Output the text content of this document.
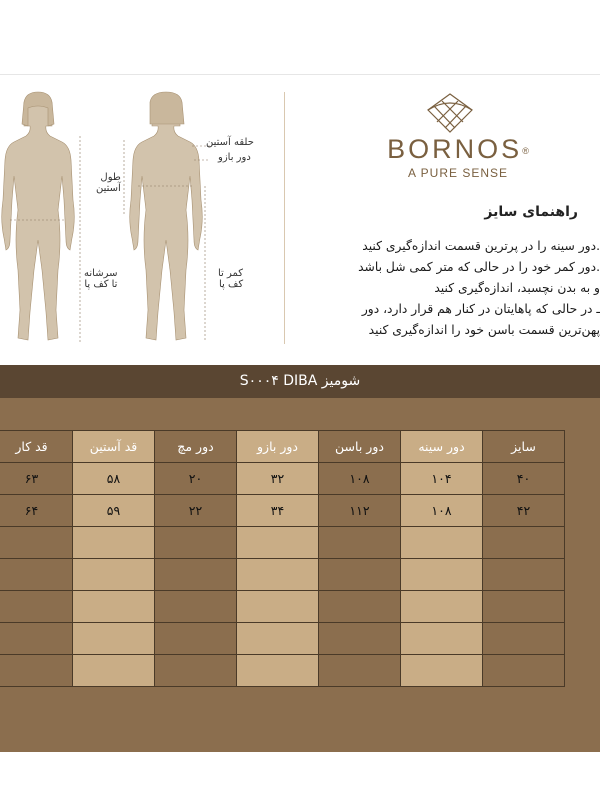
حلقه آستین
دور بازو
طول
آستین
کمر تا
کف پا
سرشانه
تا کف پا
BORNOS®
A PURE SENSE
راهنمای سایز
.دور سینه را در پرترین قسمت اندازه‌گیری کنید
.دور کمر خود را در حالی که متر کمی شل باشد
و به بدن نچسبد، اندازه‌گیری کنید
ـ در حالی که پاهایتان در کنار هم قرار دارد، دور
پهن‌ترین قسمت باسن خود را اندازه‌گیری کنید
شومیز S۰۰۰۴ DIBA
سایز	دور سینه	دور باسن	دور بازو	دور مچ	قد آستین	قد کار
۴۰	۱۰۴	۱۰۸	۳۲	۲۰	۵۸	۶۳
۴۲	۱۰۸	۱۱۲	۳۴	۲۲	۵۹	۶۴
